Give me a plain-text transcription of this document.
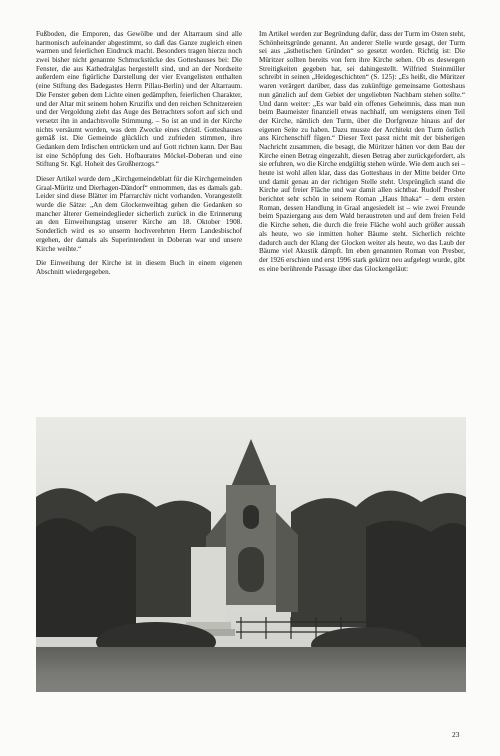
Fußboden, die Emporen, das Gewölbe und der Altarraum sind alle harmonisch aufeinander abgestimmt, so daß das Ganze zugleich einen warmen und feierlichen Eindruck macht. Besonders tragen hierzu noch zwei bisher nicht genannte Schmuckstücke des Gotteshauses bei: Die Fenster, die aus Kathedralglas hergestellt sind, und an der Nordseite außerdem eine figürliche Darstellung der vier Evangelisten enthalten (eine Stiftung des Badegastes Herrn Pillau-Berlin) und der Altarraum. Die Fenster geben dem Lichte einen gedämpften, feierlichen Charakter, und der Altar mit seinem hohen Kruzifix und den reichen Schnitzereien und der Vergoldung zieht das Auge des Betrachters sofort auf sich und versetzt ihn in andachtsvolle Stimmung. – So ist an und in der Kirche nichts versäumt worden, was dem Zwecke eines christl. Gotteshauses gemäß ist. Die Gemeinde glücklich und zufrieden stimmen, ihre Gedanken dem Irdischen entrücken und auf Gott richten kann. Der Bau ist eine Schöpfung des Geh. Hofbaurates Möckel-Doberan und eine Stiftung Sr. Kgl. Hoheit des Großherzogs.“

Dieser Artikel wurde dem „Kirchgemeindeblatt für die Kirchgemeinden Graal-Müritz und Dierhagen-Dändorf“ entnommen, das es damals gab. Leider sind diese Blätter im Pfarrarchiv nicht vorhanden. Vorangestellt wurde die Sätze: „An dem Glockenweihtag gehen die Gedanken so mancher älterer Gemeindeglieder sicherlich zurück in die Erinnerung an den Einweihungstag unserer Kirche am 18. Oktober 1908. Sonderlich wird es so unserm hochverehrten Herrn Landesbischof ergehen, der damals als Superintendent in Doberan war und unsere Kirche weihte.“

Die Einweihung der Kirche ist in diesem Buch in einem eigenen Abschnitt wiedergegeben.

Im Artikel werden zur Begründung dafür, dass der Turm im Osten steht, Schönheitsgründe genannt. An anderer Stelle wurde gesagt, der Turm sei aus „ästhetischen Gründen“ so gesetzt worden. Richtig ist: Die Müritzer sollten bereits von fern ihre Kirche sehen. Ob es deswegen Streitigkeiten gegeben hat, sei dahingestellt. Wilfried Steinmüller schreibt in seinen „Heidegeschichten“ (S. 125): „Es heißt, die Müritzer waren verärgert darüber, dass das zukünftige gemeinsame Gotteshaus nun gänzlich auf dem Gebiet der ungeliebten Nachbarn stehen sollte.“ Und dann weiter: „Es war bald ein offenes Geheimnis, dass man nun beim Baumeister finanziell etwas nachhalf, um wenigstens einen Teil der Kirche, nämlich den Turm, über die Dorfgrenze hinaus auf der eigenen Seite zu haben. Dazu musste der Architekt den Turm östlich ans Kirchenschiff fügen.“ Dieser Text passt nicht mit der bisherigen Nachricht zusammen, die besagt, die Müritzer hätten vor dem Bau der Kirche einen Betrag eingezahlt, diesen Betrag aber zurückgefordert, als sie erfuhren, wo die Kirche endgültig stehen würde. Wie dem auch sei – heute ist wohl allen klar, dass das Gotteshaus in der Mitte beider Orte und damit genau an der richtigen Stelle steht. Ursprünglich stand die Kirche auf freier Fläche und war damit allen sichtbar. Rudolf Presber berichtet sehr schön in seinem Roman „Haus Ithaka“ – dem ersten Roman, dessen Handlung in Graal angesiedelt ist – wie zwei Freunde beim Spaziergang aus dem Wald heraustreten und auf dem freien Feld die Kirche sehen, die durch die freie Fläche wohl auch größer aussah als heute, wo sie inmitten hoher Bäume steht. Sicherlich reichte dadurch auch der Klang der Glocken weiter als heute, wo das Laub der Bäume viel Akustik dämpft. Im eben genannten Roman von Presber, der 1926 erschien und erst 1996 stark gekürzt neu aufgelegt wurde, gibt es eine berührende Passage über das Glockengeläut:

23
